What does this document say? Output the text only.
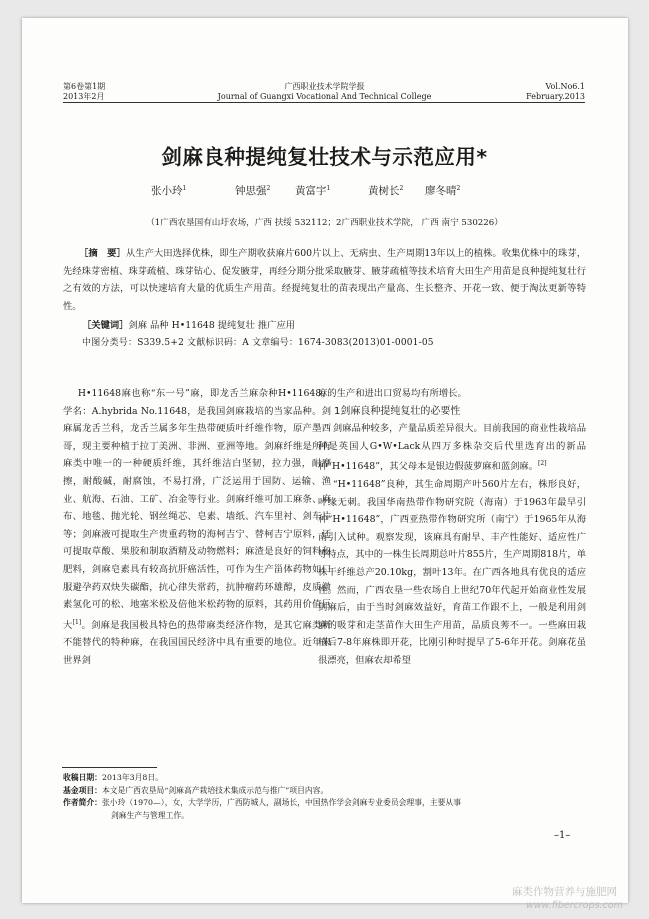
第6卷第1期
2013年2月
广西职业技术学院学报
Journal of Guangxi Vocational And Technical College
Vol.No6.1
February.2013
剑麻良种提纯复壮技术与示范应用*
张小玲$^1$	钟思强$^2$ 黄富宇$^1$	黄树长$^2$ 廖冬晴$^2$
（1广西农垦国有山圩农场，广西 扶绥 532112；2广西职业技术学院， 广西 南宁 530226）
［摘　要］从生产大田选择优株，即生产期收获麻片600片以上、无病虫、生产周期13年以上的植株。收集优株中的珠芽，先经珠芽密植、珠芽疏植、珠芽钻心、促发腋芽，再经分期分批采取腋芽、腋芽疏植等技术培育大田生产用苗是良种提纯复壮行之有效的方法，可以快速培育大量的优质生产用苗。经提纯复壮的苗表现出产量高、生长整齐、开花一致、便于淘汰更新等特性。
［关键词］剑麻 品种 H•11648 提纯复壮 推广应用
中图分类号：S339.5+2 文献标识码：A 文章编号：1674-3083(2013)01-0001-05

H•11648麻也称“东一号”麻，即龙舌兰麻杂种H•11648，学名：A.hybrida No.11648，是我国剑麻栽培的当家品种。剑麻属龙舌兰科，龙舌兰属多年生热带硬质叶纤维作物，原产墨西哥，现主要种植于拉丁美洲、非洲、亚洲等地。剑麻纤维是所有麻类中唯一的一种硬质纤维，其纤维洁白坚韧，拉力强，耐摩擦，耐酸碱，耐腐蚀，不易打滑，广泛运用于国防、运输、渔业、航海、石油、工矿、冶金等行业。剑麻纤维可加工麻条、麻布、地毯、抛光轮、钢丝绳芯、皂素、墙纸、汽车里衬、剑车片等；剑麻液可提取生产贵重药物的海柯吉宁、替柯吉宁原料，还可提取草酸、果胶和制取酒精及动物燃料；麻渣是良好的饲料和肥料，剑麻皂素具有较高抗肝癌活性，可作为生产甾体药物如口服避孕药双炔失碳酯，抗心律失常药，抗肿瘤药环雄醇，皮质激素氢化可的松、地塞米松及倍他米松药物的原料，其药用价值巨大[1]。剑麻是我国极具特色的热带麻类经济作物，是其它麻类所不能替代的特种麻，在我国国民经济中具有重要的地位。近年来世界剑

麻的生产和进出口贸易均有所增长。

1剑麻良种提纯复壮的必要性

剑麻品种较多，产量品质差异很大。目前我国的商业性栽培品种是英国人G•W•Lack从四万多株杂交后代里选育出的新品种“H•11648”，其父母本是银边假菠萝麻和蓝剑麻。[2]

“H•11648”良种，其生命周期产叶560片左右，株形良好，叶缘无刺。我国华南热带作物研究院（海南）于1963年最早引种“H•11648”，广西亚热带作物研究所（南宁）于1965年从海南引入试种。观察发现，该麻具有耐旱、丰产性能好、适应性广等特点，其中的一株生长周期总叶片855片，生产周期818片，单株干纤维总产20.10kg，割叶13年。在广西各地具有优良的适应性。然而，广西农垦一些农场自上世纪70年代起开始商业性发展剑麻后，由于当时剑麻效益好，育苗工作跟不上，一般是利用剑麻的吸芽和走茎苗作大田生产用苗，品质良莠不一。一些麻田栽植后7-8年麻株即开花，比刚引种时提早了5-6年开花。剑麻花虽很漂亮，但麻农却希望

收稿日期：2013年3月8日。

基金项目：本文是广西农垦局“剑麻高产栽培技术集成示范与推广”项目内容。

作者简介：张小玲（1970—），女，大学学历，广西防城人，副场长，中国热作学会剑麻专业委员会理事，主要从事

剑麻生产与管理工作。

–1–
麻类作物营养与施肥网
www.fibercrops.com
